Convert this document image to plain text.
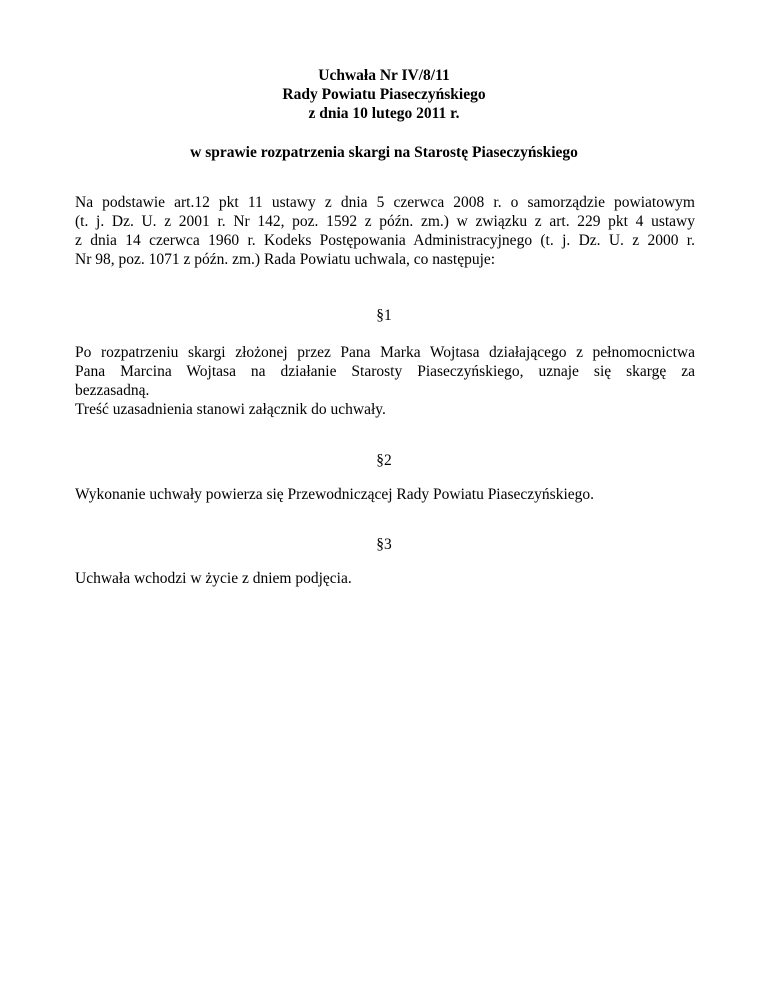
Uchwała Nr IV/8/11
Rady Powiatu Piaseczyńskiego
z dnia 10 lutego 2011 r.
w sprawie rozpatrzenia skargi na Starostę Piaseczyńskiego
Na podstawie art.12 pkt 11 ustawy z dnia 5 czerwca 2008 r. o samorządzie powiatowym
(t. j. Dz. U. z 2001 r. Nr 142, poz. 1592 z późn. zm.) w związku z art. 229 pkt 4 ustawy
z dnia 14 czerwca 1960 r. Kodeks Postępowania Administracyjnego (t. j. Dz. U. z 2000 r.
Nr 98, poz. 1071 z późn. zm.) Rada Powiatu uchwala, co następuje:
§1
Po rozpatrzeniu skargi złożonej przez Pana Marka Wojtasa działającego z pełnomocnictwa
Pana Marcina Wojtasa na działanie Starosty Piaseczyńskiego, uznaje się skargę za
bezzasadną.
Treść uzasadnienia stanowi załącznik do uchwały.
§2
Wykonanie uchwały powierza się Przewodniczącej Rady Powiatu Piaseczyńskiego.
§3
Uchwała wchodzi w życie z dniem podjęcia.
